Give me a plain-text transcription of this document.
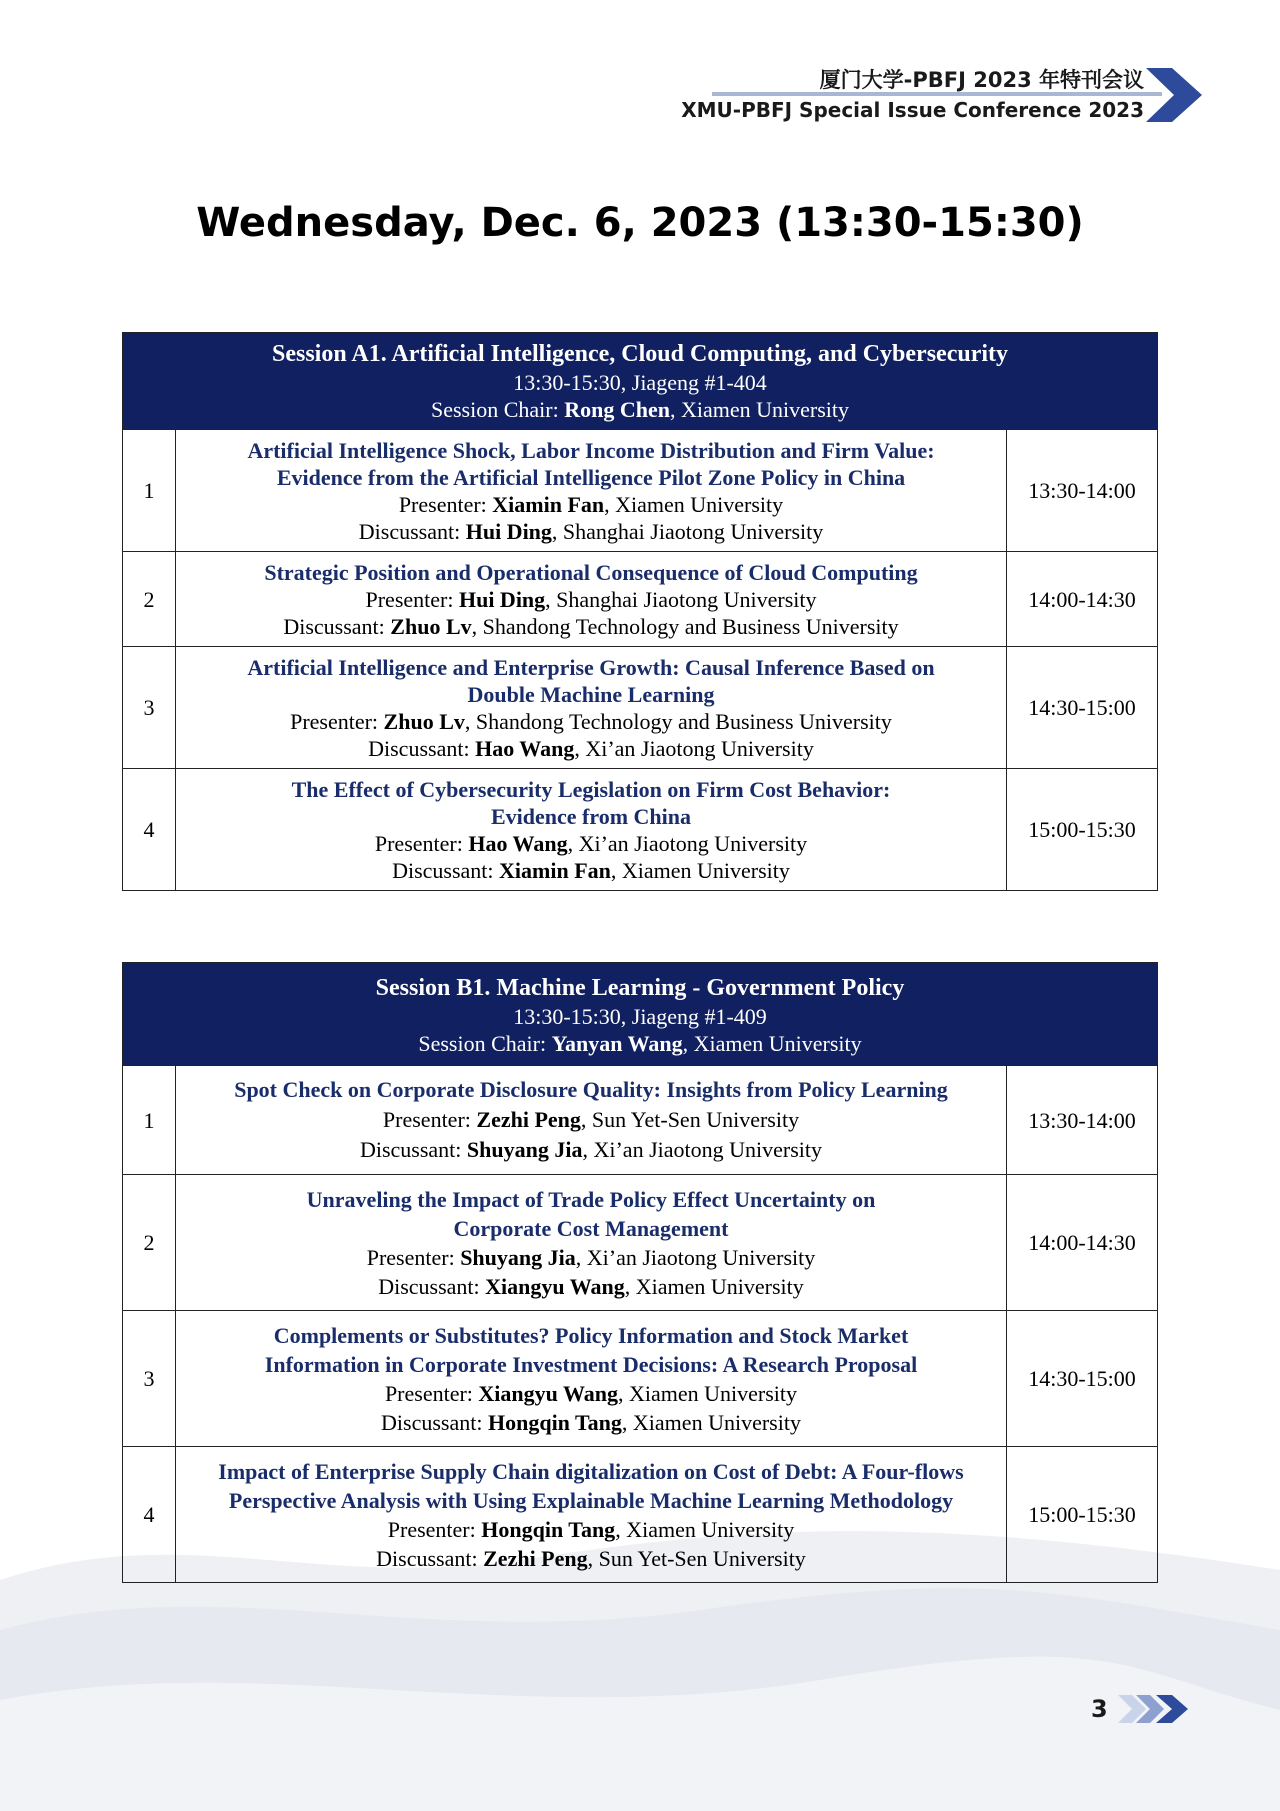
厦门大学-PBFJ 2023 年特刊会议
XMU-PBFJ Special Issue Conference 2023
Wednesday, Dec. 6, 2023 (13:30-15:30)
Session A1. Artificial Intelligence, Cloud Computing, and Cybersecurity
13:30-15:30, Jiageng #1-404
Session Chair: Rong Chen, Xiamen University		

1	Artificial Intelligence Shock, Labor Income Distribution and Firm Value:
Evidence from the Artificial Intelligence Pilot Zone Policy in China
Presenter: Xiamin Fan, Xiamen University
Discussant: Hui Ding, Shanghai Jiaotong University	13:30-14:00
2	Strategic Position and Operational Consequence of Cloud Computing
Presenter: Hui Ding, Shanghai Jiaotong University
Discussant: Zhuo Lv, Shandong Technology and Business University	14:00-14:30
3	Artificial Intelligence and Enterprise Growth: Causal Inference Based on
Double Machine Learning
Presenter: Zhuo Lv, Shandong Technology and Business University
Discussant: Hao Wang, Xi’an Jiaotong University	14:30-15:00
4	The Effect of Cybersecurity Legislation on Firm Cost Behavior:
Evidence from China
Presenter: Hao Wang, Xi’an Jiaotong University
Discussant: Xiamin Fan, Xiamen University	15:00-15:30
Session B1. Machine Learning - Government Policy
13:30-15:30, Jiageng #1-409
Session Chair: Yanyan Wang, Xiamen University		

1	Spot Check on Corporate Disclosure Quality: Insights from Policy Learning
Presenter: Zezhi Peng, Sun Yet-Sen University
Discussant: Shuyang Jia, Xi’an Jiaotong University	13:30-14:00
2	Unraveling the Impact of Trade Policy Effect Uncertainty on
Corporate Cost Management
Presenter: Shuyang Jia, Xi’an Jiaotong University
Discussant: Xiangyu Wang, Xiamen University	14:00-14:30
3	Complements or Substitutes? Policy Information and Stock Market
Information in Corporate Investment Decisions: A Research Proposal
Presenter: Xiangyu Wang, Xiamen University
Discussant: Hongqin Tang, Xiamen University	14:30-15:00
4	Impact of Enterprise Supply Chain digitalization on Cost of Debt: A Four-flows
Perspective Analysis with Using Explainable Machine Learning Methodology
Presenter: Hongqin Tang, Xiamen University
Discussant: Zezhi Peng, Sun Yet-Sen University	15:00-15:30
3
